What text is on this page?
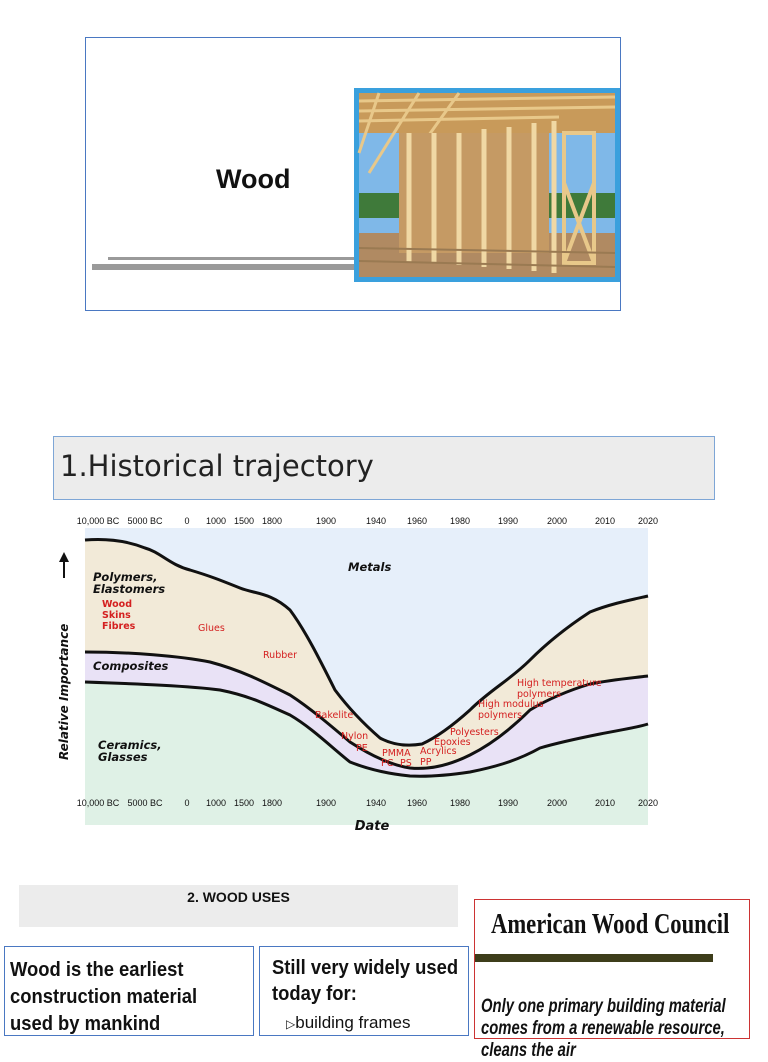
Wood
1.Historical trajectory
10,000 BC 5000 BC 0 1000 1500 1800	1900	1940 1960	1980	1990	2000	2010	2020
10,000 BC 5000 BC 0 1000 1500 1800	1900	1940 1960	1980	1990	2000	2010	2020
Date
Relative Importance
Metals
Polymers,
Elastomers
Composites
Ceramics,
Glasses
Wood
Skins
Fibres	Glues
Rubber
Bakelite
Nylon
PE PMMA
PC PS
Acrylics
PP
Epoxies
Polyesters
High modulus
polymers
High temperature
polymers
2. WOOD USES
Wood is the earliest construction material used by mankind
Still very widely used today for:
▷building frames
American Wood Council
Only one primary building material comes from a renewable resource, cleans the air
